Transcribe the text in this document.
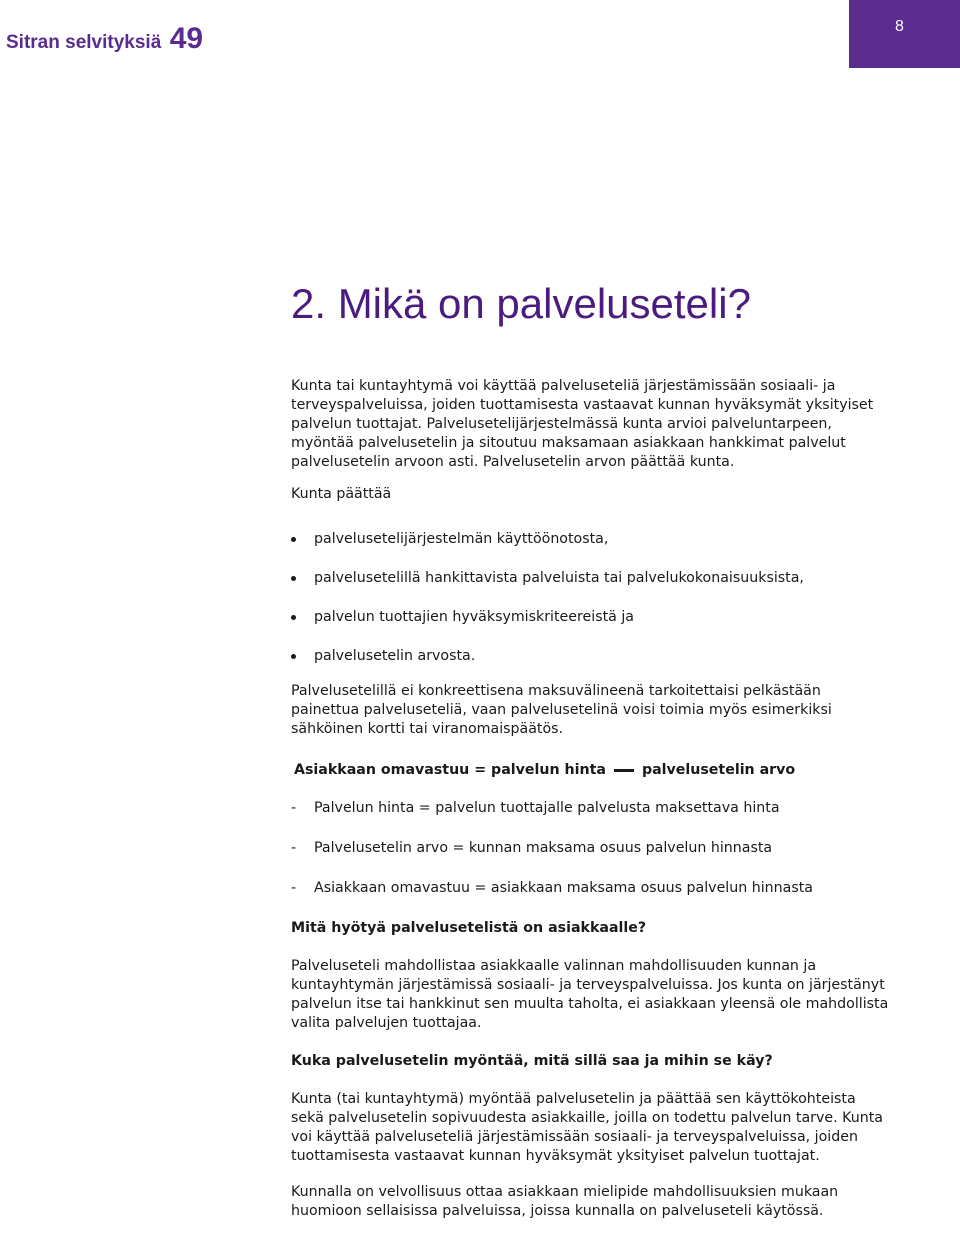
Sitran selvityksiä 49	8
2. Mikä on palveluseteli?

Kunta tai kuntayhtymä voi käyttää palveluseteliä järjestämissään sosiaali- ja terveyspalveluissa, joiden tuottamisesta vastaavat kunnan hyväksymät yksityiset palvelun tuottajat. Palvelusetelijärjestelmässä kunta arvioi palveluntarpeen, myöntää palvelusetelin ja sitoutuu maksamaan asiakkaan hankkimat palvelut palvelusetelin arvoon asti. Palvelusetelin arvon päättää kunta.

Kunta päättää

palvelusetelijärjestelmän käyttöönotosta,
palvelusetelillä hankittavista palveluista tai palvelukokonaisuuksista,
palvelun tuottajien hyväksymiskriteereistä ja
palvelusetelin arvosta.

Palvelusetelillä ei konkreettisena maksuvälineenä tarkoitettaisi pelkästään painettua palveluseteliä, vaan palvelusetelinä voisi toimia myös esimerkiksi sähköinen kortti tai viranomaispäätös.

Asiakkaan omavastuu = palvelun hinta	palvelusetelin arvo

- Palvelun hinta = palvelun tuottajalle palvelusta maksettava hinta
- Palvelusetelin arvo = kunnan maksama osuus palvelun hinnasta
- Asiakkaan omavastuu = asiakkaan maksama osuus palvelun hinnasta

Mitä hyötyä palvelusetelistä on asiakkaalle?

Palveluseteli mahdollistaa asiakkaalle valinnan mahdollisuuden kunnan ja kuntayhtymän järjestämissä sosiaali- ja terveyspalveluissa. Jos kunta on järjestänyt palvelun itse tai hankkinut sen muulta taholta, ei asiakkaan yleensä ole mahdollista valita palvelujen tuottajaa.

Kuka palvelusetelin myöntää, mitä sillä saa ja mihin se käy?

Kunta (tai kuntayhtymä) myöntää palvelusetelin ja päättää sen käyttökohteista sekä palvelusetelin sopivuudesta asiakkaille, joilla on todettu palvelun tarve. Kunta voi käyttää palveluseteliä järjestämissään sosiaali- ja terveyspalveluissa, joiden tuottamisesta vastaavat kunnan hyväksymät yksityiset palvelun tuottajat.

Kunnalla on velvollisuus ottaa asiakkaan mielipide mahdollisuuksien mukaan huomioon sellaisissa palveluissa, joissa kunnalla on palveluseteli käytössä.
